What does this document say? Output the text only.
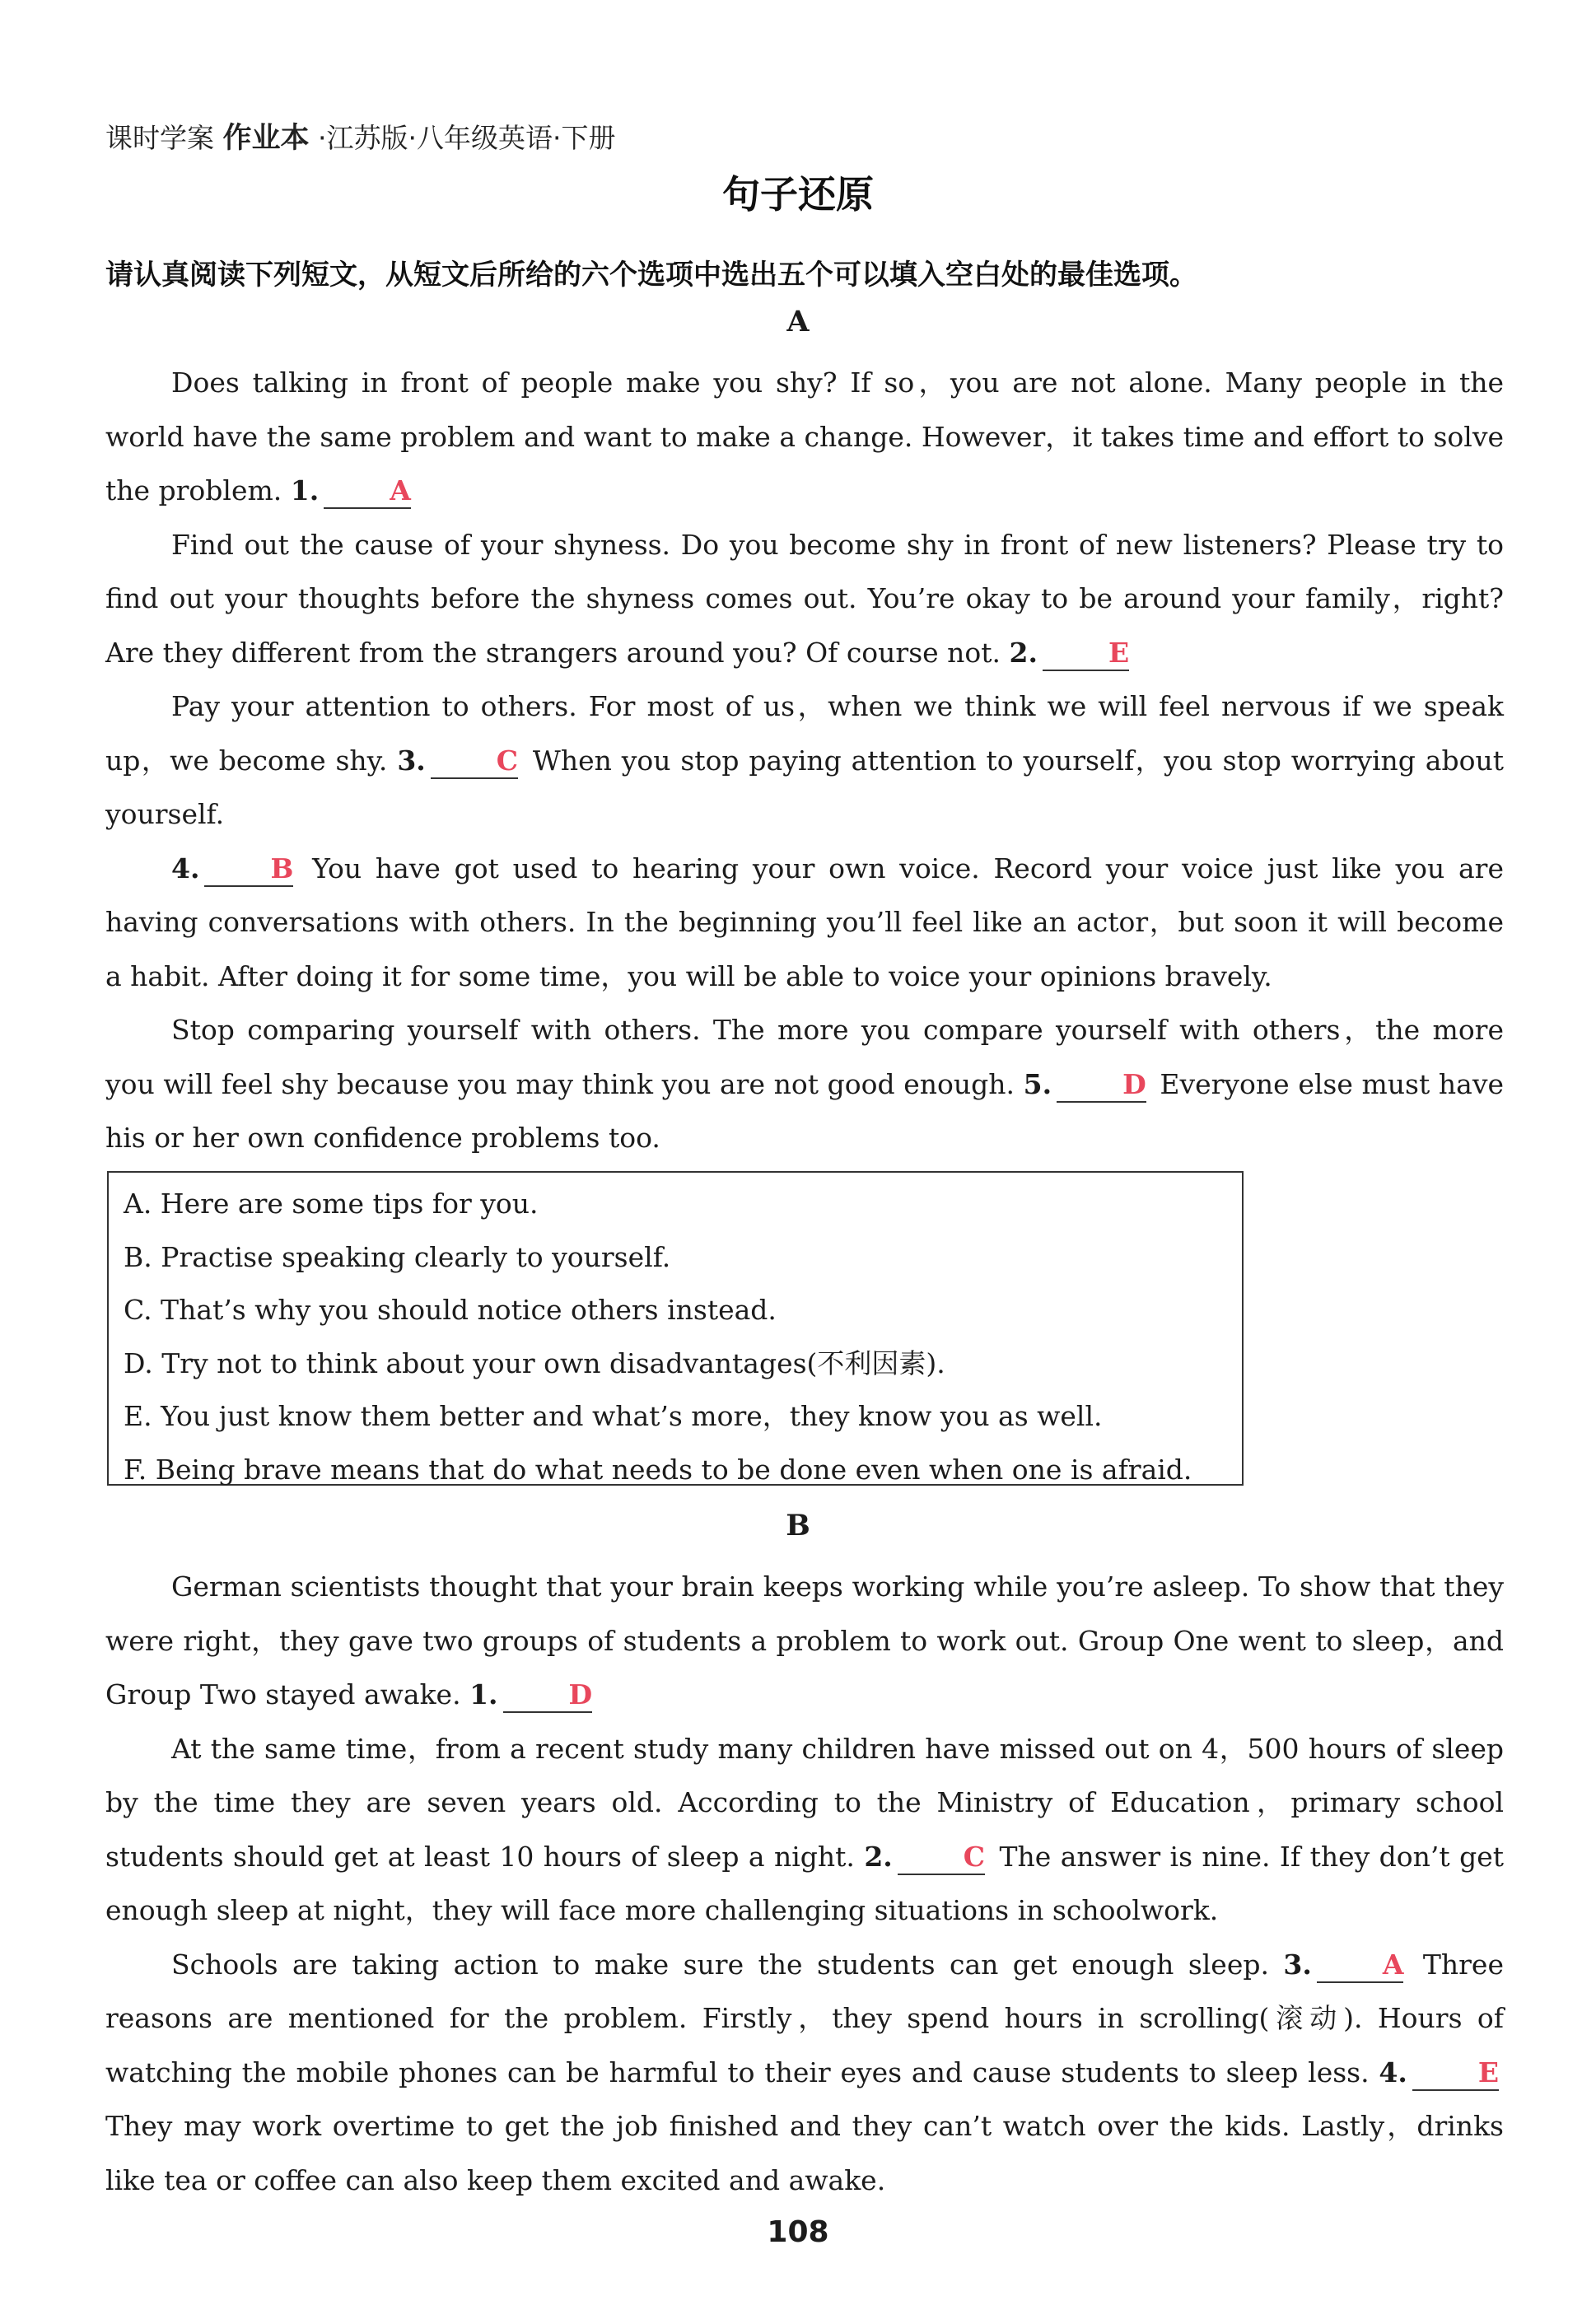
课时学案 作业本 ·江苏版·八年级英语·下册
句子还原
请认真阅读下列短文，从短文后所给的六个选项中选出五个可以填入空白处的最佳选项。
A

Does talking in front of people make you shy? If so，you are not alone. Many people in the world have the same problem and want to make a change. However，it takes time and effort to solve the problem. 1.	A

Find out the cause of your shyness. Do you become shy in front of new listeners? Please try to find out your thoughts before the shyness comes out. You’re okay to be around your family，right? Are they different from the strangers around you? Of course not. 2.	E

Pay your attention to others. For most of us，when we think we will feel nervous if we speak up，we become shy. 3.	C When you stop paying attention to yourself，you stop worrying about yourself.

4.	B You have got used to hearing your own voice. Record your voice just like you are having conversations with others. In the beginning you’ll feel like an actor，but soon it will become a habit. After doing it for some time，you will be able to voice your opinions bravely.

Stop comparing yourself with others. The more you compare yourself with others，the more you will feel shy because you may think you are not good enough. 5.	D Everyone else must have his or her own confidence problems too.

A. Here are some tips for you.
B. Practise speaking clearly to yourself.
C. That’s why you should notice others instead.
D. Try not to think about your own disadvantages(不利因素).
E. You just know them better and what’s more，they know you as well.
F. Being brave means that do what needs to be done even when one is afraid.
B

German scientists thought that your brain keeps working while you’re asleep. To show that they were right，they gave two groups of students a problem to work out. Group One went to sleep，and Group Two stayed awake. 1.	D

At the same time，from a recent study many children have missed out on 4，500 hours of sleep by the time they are seven years old. According to the Ministry of Education，primary school students should get at least 10 hours of sleep a night. 2.	C The answer is nine. If they don’t get enough sleep at night，they will face more challenging situations in schoolwork.

Schools are taking action to make sure the students can get enough sleep. 3.	A Three reasons are mentioned for the problem. Firstly，they spend hours in scrolling(滚动). Hours of watching the mobile phones can be harmful to their eyes and cause students to sleep less. 4.	E They may work overtime to get the job finished and they can’t watch over the kids. Lastly，drinks like tea or coffee can also keep them excited and awake.

108
